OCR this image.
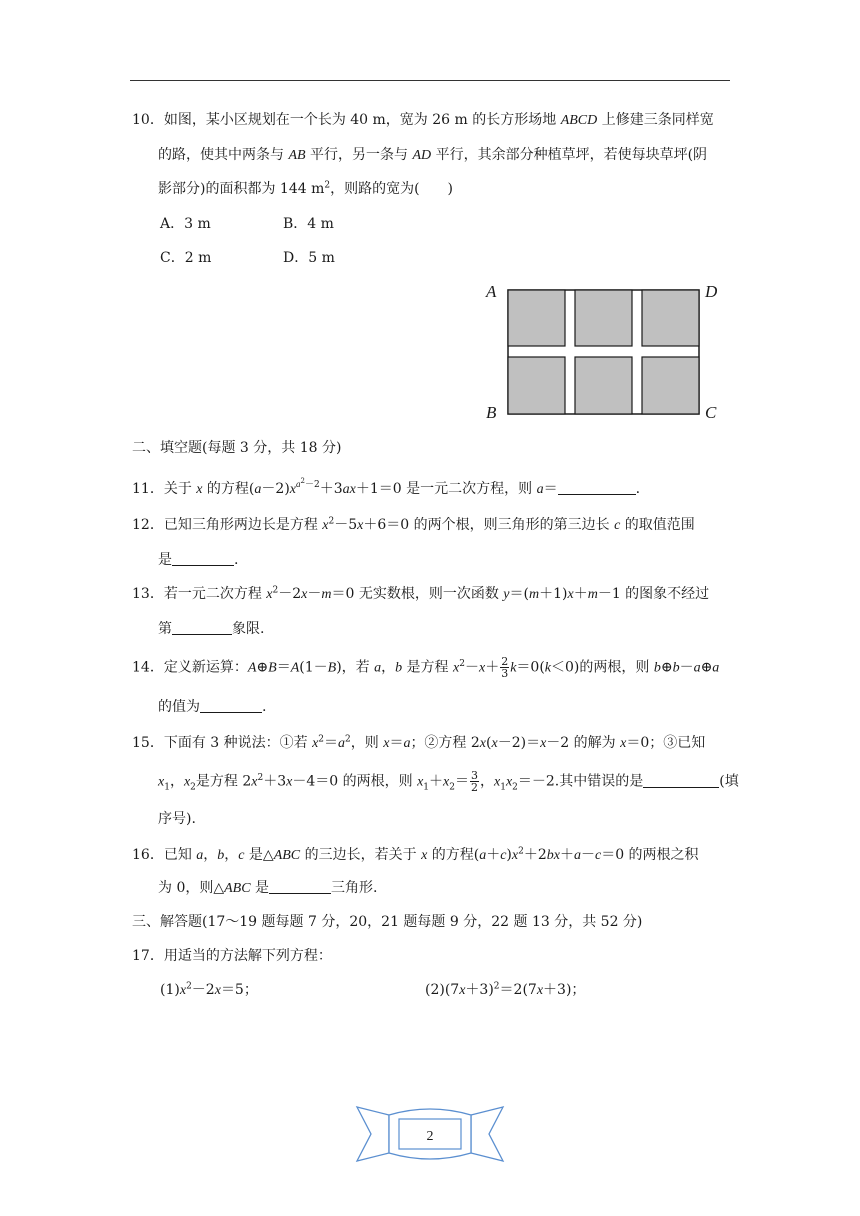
10．如图，某小区规划在一个长为 40 m，宽为 26 m 的长方形场地 ABCD 上修建三条同样宽
的路，使其中两条与 AB 平行，另一条与 AD 平行，其余部分种植草坪，若使每块草坪(阴
影部分)的面积都为 144 $m^2$，则路的宽为(　　)
A．3 m	B．4 m
C．2 m	D．5 m
A	D
B	C
二、填空题(每题 3 分，共 18 分)
11．关于 x 的方程$(a-2)x^{a^2-2}+3ax+1=0$ 是一元二次方程，则 a＝	.
12．已知三角形两边长是方程 $x^2-5x+6=0$ 的两个根，则三角形的第三边长 c 的取值范围
是	.
13．若一元二次方程 $x^2-2x-m=0$ 无实数根，则一次函数 y＝(m＋1)x＋m－1 的图象不经过
第	象限.
14．定义新运算：A⊕B＝A(1－B)，若 a，b 是方程 $x^2-x+ \frac{2}{3} k=0(k<0)$的两根，则 b⊕b－a⊕a
的值为	.
15．下面有 3 种说法：①若 $x^2=a^2$，则 x＝a；②方程 2x(x－2)＝x－2 的解为 x＝0；③已知
$x_1$，$x_2$是方程 $2x^2+3x-4=0$ 的两根，则 $x_1+x_2= \frac{3}{2}$ ，$x_1x_2=-2$.其中错误的是	(填
序号).
16．已知 a，b，c 是△ABC 的三边长，若关于 x 的方程$(a+c)x^2+2bx+a-c=0$ 的两根之积
为 0，则△ABC 是	三角形.
三、解答题(17～19 题每题 7 分，20，21 题每题 9 分，22 题 13 分，共 52 分)
17．用适当的方法解下列方程：
$(1)x^2-2x=5$；	$(2)(7x+3)^2=2(7x+3)$；
2
